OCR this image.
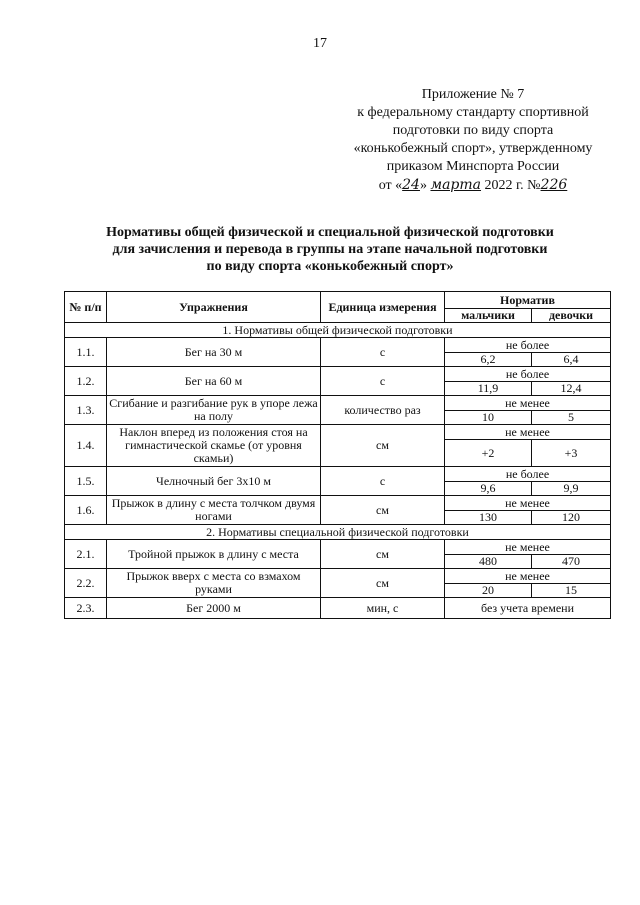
17
Приложение № 7
к федеральному стандарту спортивной
подготовки по виду спорта
«конькобежный спорт», утвержденному
приказом Минспорта России
от «24» марта 2022 г. №226
Нормативы общей физической и специальной физической подготовки
для зачисления и перевода в группы на этапе начальной подготовки
по виду спорта «конькобежный спорт»
№ п/п	Упражнения	Единица измерения	Норматив	
			мальчики	девочки
1. Нормативы общей физической подготовки				
1.1.	Бег на 30 м	с	не более	
			6,2	6,4
1.2.	Бег на 60 м	с	не более	
			11,9	12,4
1.3.	Сгибание и разгибание рук в упоре лежа на полу	количество раз	не менее	
			10	5
1.4.	Наклон вперед из положения стоя на гимнастической скамье (от уровня скамьи)	см	не менее	
			+2	+3
1.5.	Челночный бег 3х10 м	с	не более	
			9,6	9,9
1.6.	Прыжок в длину с места толчком двумя ногами	см	не менее	
			130	120
2. Нормативы специальной физической подготовки				
2.1.	Тройной прыжок в длину с места	см	не менее	
			480	470
2.2.	Прыжок вверх с места со взмахом руками	см	не менее	
			20	15
2.3.	Бег 2000 м	мин, с	без учета времени	
